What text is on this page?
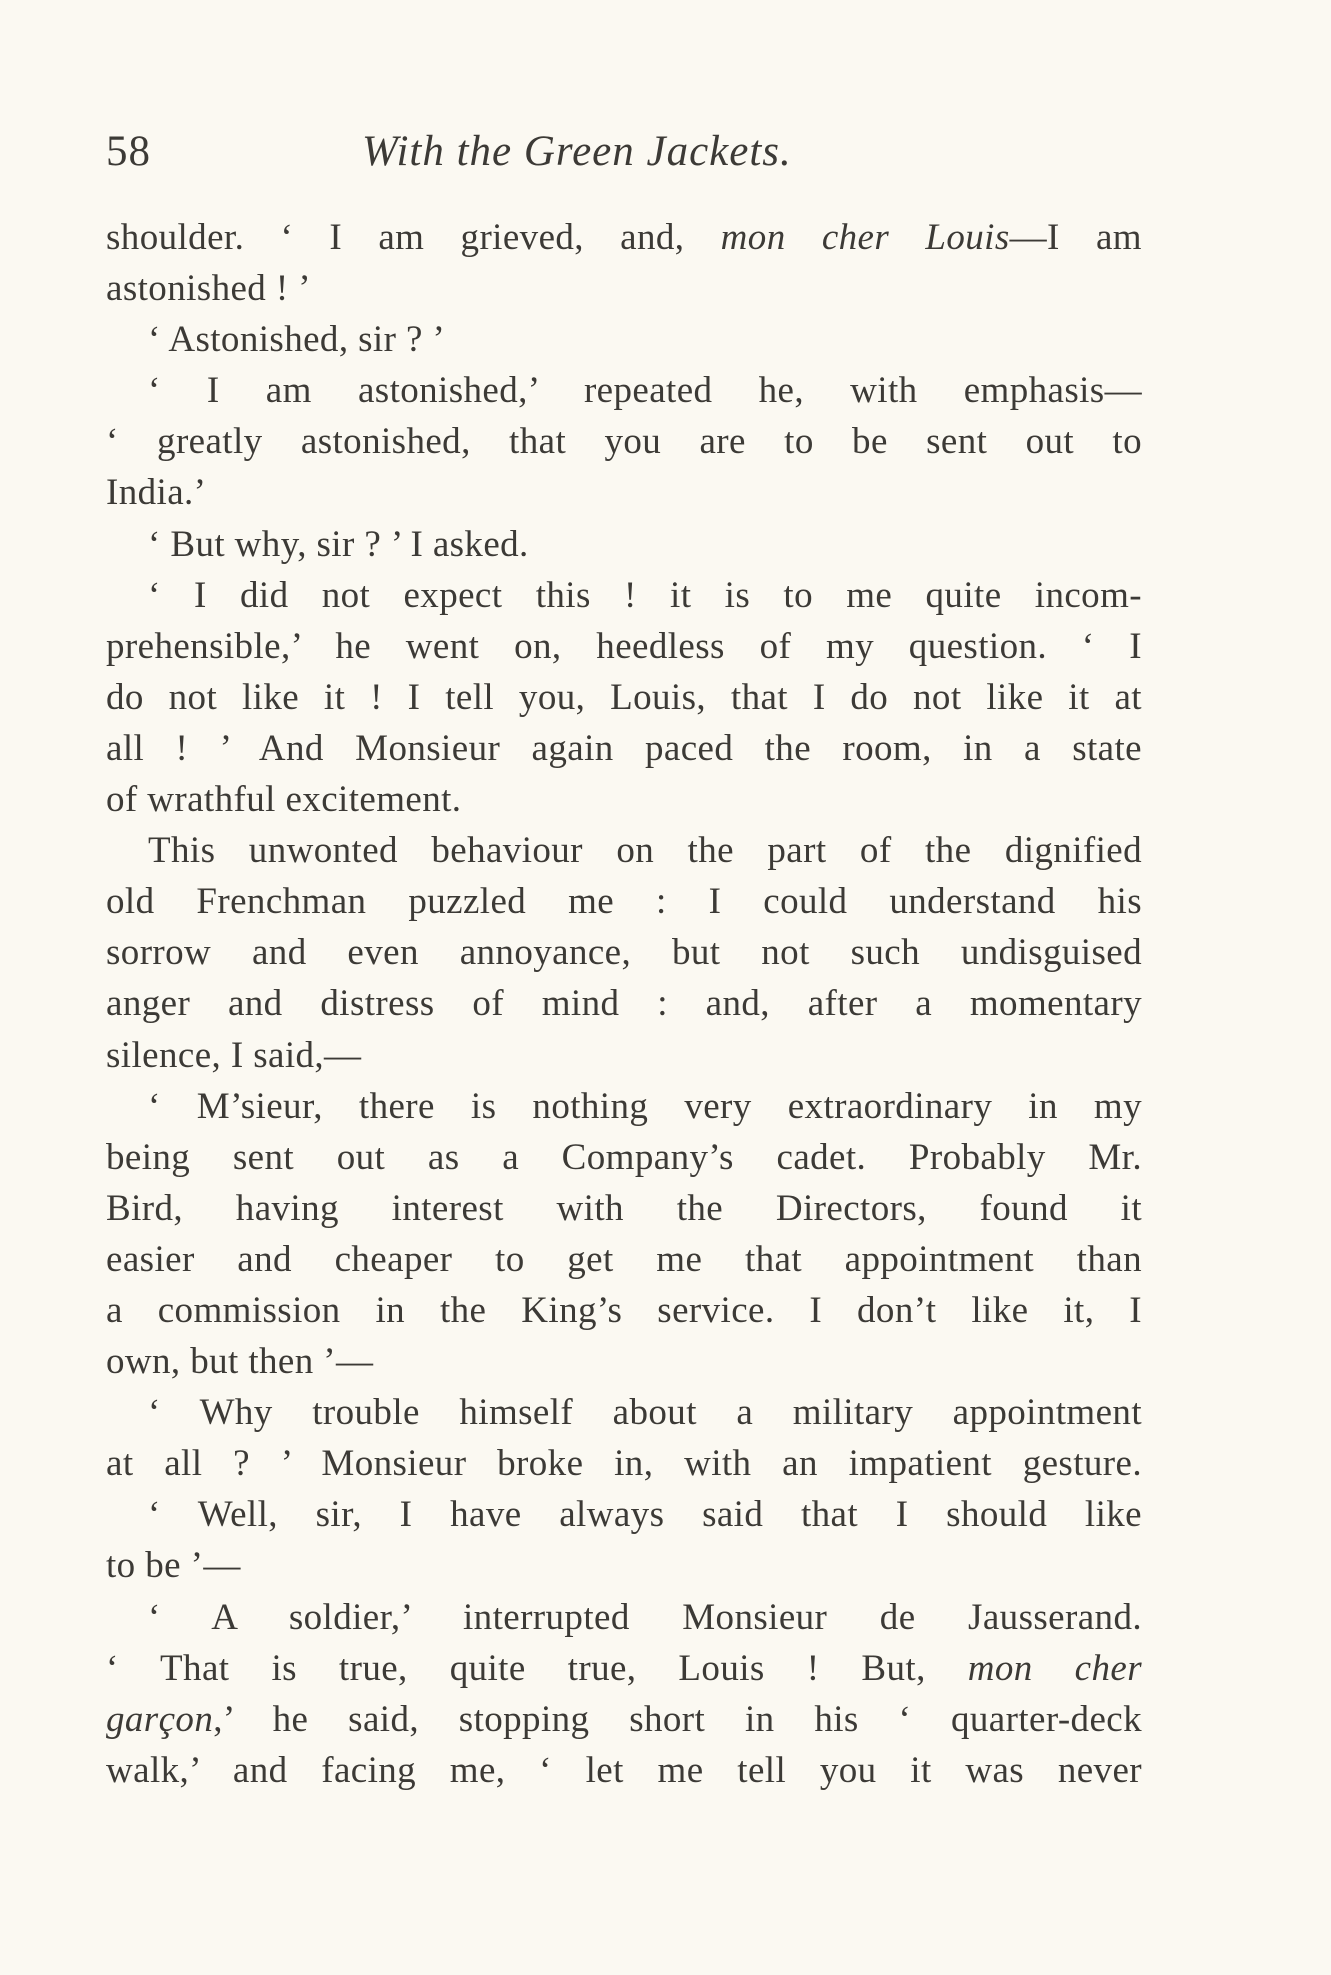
58	With the Green Jackets.
shoulder. ‘ I am grieved, and, mon cher Louis—I am
astonished ! ’
‘ Astonished, sir ? ’
‘ I am astonished,’ repeated he, with emphasis—
‘ greatly astonished, that you are to be sent out to
India.’
‘ But why, sir ? ’ I asked.
‘ I did not expect this ! it is to me quite incom-
prehensible,’ he went on, heedless of my question. ‘ I
do not like it ! I tell you, Louis, that I do not like it at
all ! ’ And Monsieur again paced the room, in a state
of wrathful excitement.
This unwonted behaviour on the part of the dignified
old Frenchman puzzled me : I could understand his
sorrow and even annoyance, but not such undisguised
anger and distress of mind : and, after a momentary
silence, I said,—
‘ M’sieur, there is nothing very extraordinary in my
being sent out as a Company’s cadet. Probably Mr.
Bird, having interest with the Directors, found it
easier and cheaper to get me that appointment than
a commission in the King’s service. I don’t like it, I
own, but then ’—
‘ Why trouble himself about a military appointment
at all ? ’ Monsieur broke in, with an impatient gesture.
‘ Well, sir, I have always said that I should like
to be ’—
‘ A soldier,’ interrupted Monsieur de Jausserand.
‘ That is true, quite true, Louis ! But, mon cher
garçon,’ he said, stopping short in his ‘ quarter-deck
walk,’ and facing me, ‘ let me tell you it was never
